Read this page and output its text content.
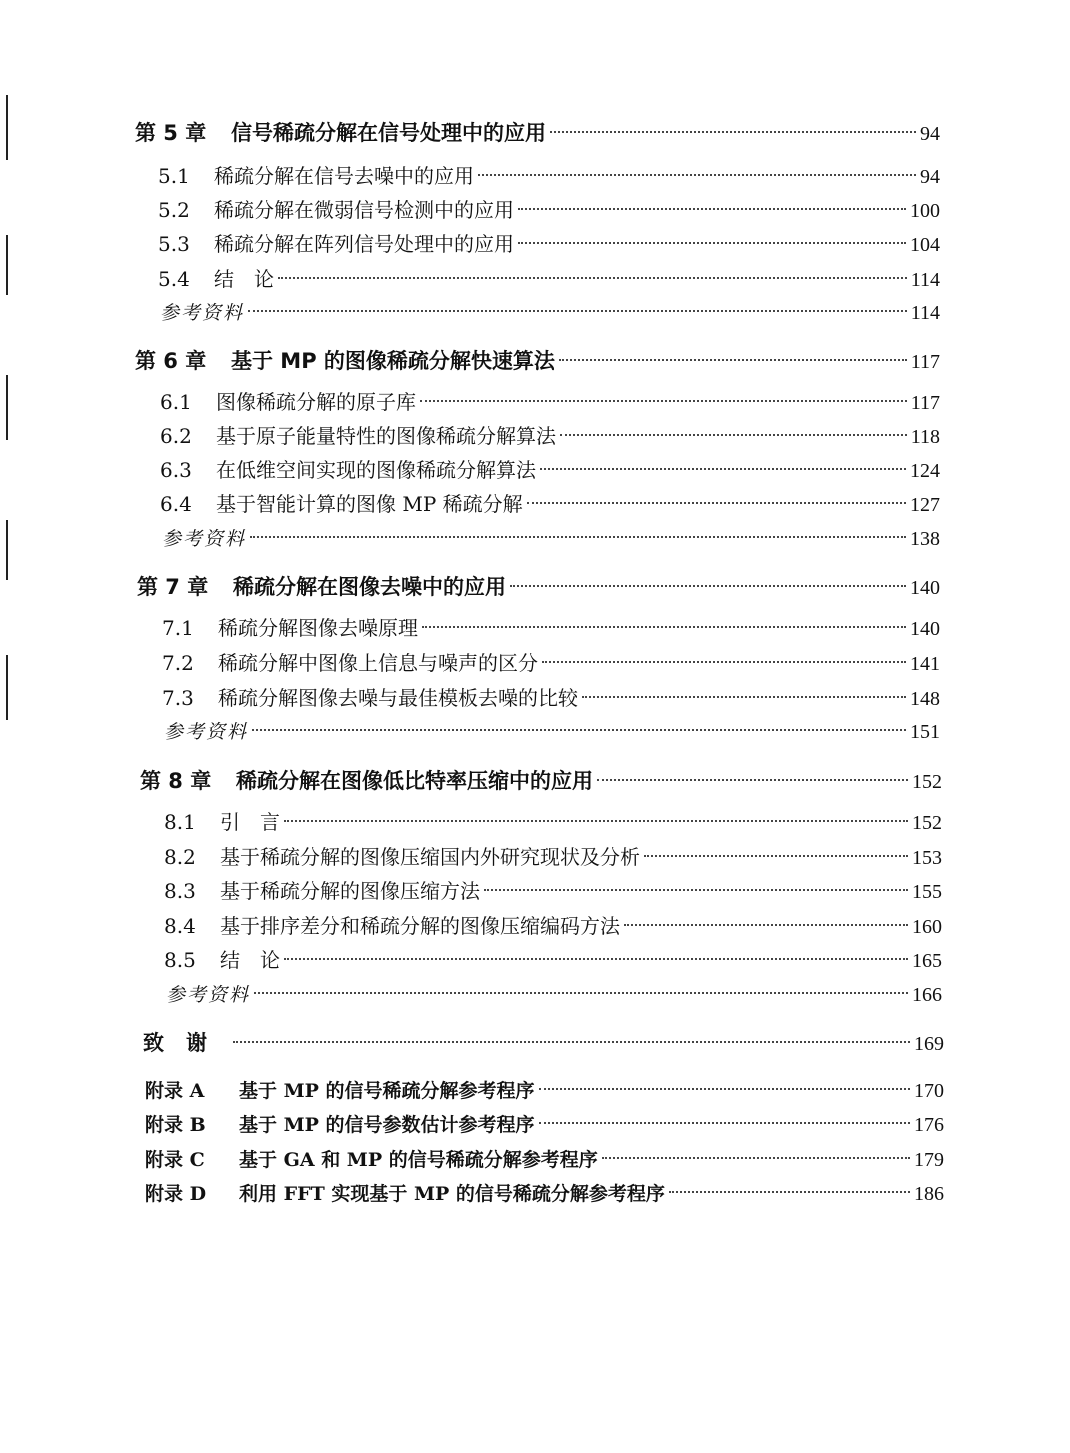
第 5 章	信号稀疏分解在信号处理中的应用	94
5.1	稀疏分解在信号去噪中的应用	94
5.2	稀疏分解在微弱信号检测中的应用	100
5.3	稀疏分解在阵列信号处理中的应用	104
5.4	结　论	114
参考资料	114
第 6 章	基于 MP 的图像稀疏分解快速算法	117
6.1	图像稀疏分解的原子库	117
6.2	基于原子能量特性的图像稀疏分解算法	118
6.3	在低维空间实现的图像稀疏分解算法	124
6.4	基于智能计算的图像 MP 稀疏分解	127
参考资料	138
第 7 章	稀疏分解在图像去噪中的应用	140
7.1	稀疏分解图像去噪原理	140
7.2	稀疏分解中图像上信息与噪声的区分	141
7.3	稀疏分解图像去噪与最佳模板去噪的比较	148
参考资料	151
第 8 章	稀疏分解在图像低比特率压缩中的应用	152
8.1	引　言	152
8.2	基于稀疏分解的图像压缩国内外研究现状及分析	153
8.3	基于稀疏分解的图像压缩方法	155
8.4	基于排序差分和稀疏分解的图像压缩编码方法	160
8.5	结　论	165
参考资料	166
致谢	169
附录 A	基于 MP 的信号稀疏分解参考程序	170
附录 B	基于 MP 的信号参数估计参考程序	176
附录 C	基于 GA 和 MP 的信号稀疏分解参考程序	179
附录 D	利用 FFT 实现基于 MP 的信号稀疏分解参考程序	186
